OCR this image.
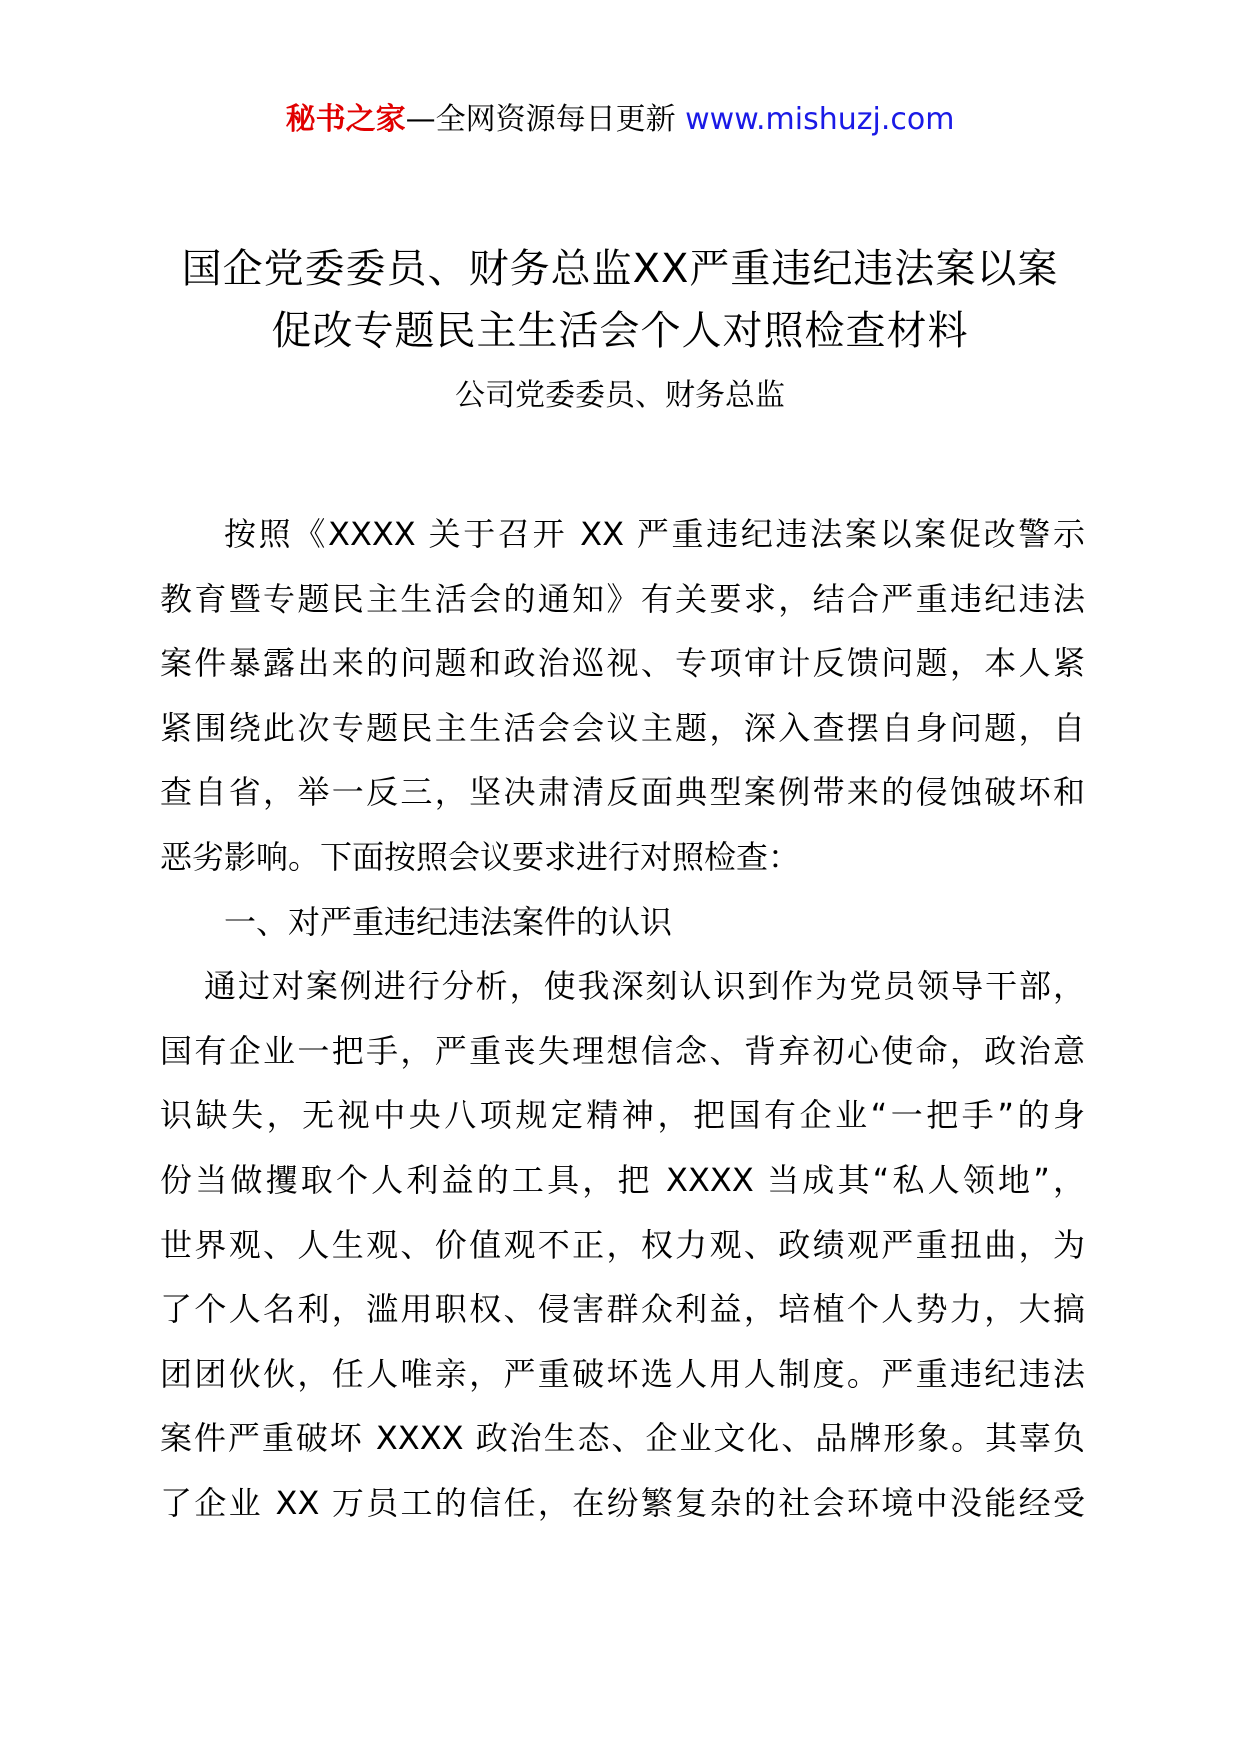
秘书之家—全网资源每日更新 www.mishuzj.com
国企党委委员、财务总监XX严重违纪违法案以案
促改专题民主生活会个人对照检查材料
公司党委委员、财务总监
按照《XXXX 关于召开 XX 严重违纪违法案以案促改警示
教育暨专题民主生活会的通知》有关要求，结合严重违纪违法
案件暴露出来的问题和政治巡视、专项审计反馈问题，本人紧
紧围绕此次专题民主生活会会议主题，深入查摆自身问题，自
查自省，举一反三，坚决肃清反面典型案例带来的侵蚀破坏和
恶劣影响。下面按照会议要求进行对照检查：
一、对严重违纪违法案件的认识
通过对案例进行分析，使我深刻认识到作为党员领导干部，
国有企业一把手，严重丧失理想信念、背弃初心使命，政治意
识缺失，无视中央八项规定精神，把国有企业“一把手”的身
份当做攫取个人利益的工具，把 XXXX 当成其“私人领地”，
世界观、人生观、价值观不正，权力观、政绩观严重扭曲，为
了个人名利，滥用职权、侵害群众利益，培植个人势力，大搞
团团伙伙，任人唯亲，严重破坏选人用人制度。严重违纪违法
案件严重破坏 XXXX 政治生态、企业文化、品牌形象。其辜负
了企业 XX 万员工的信任，在纷繁复杂的社会环境中没能经受
